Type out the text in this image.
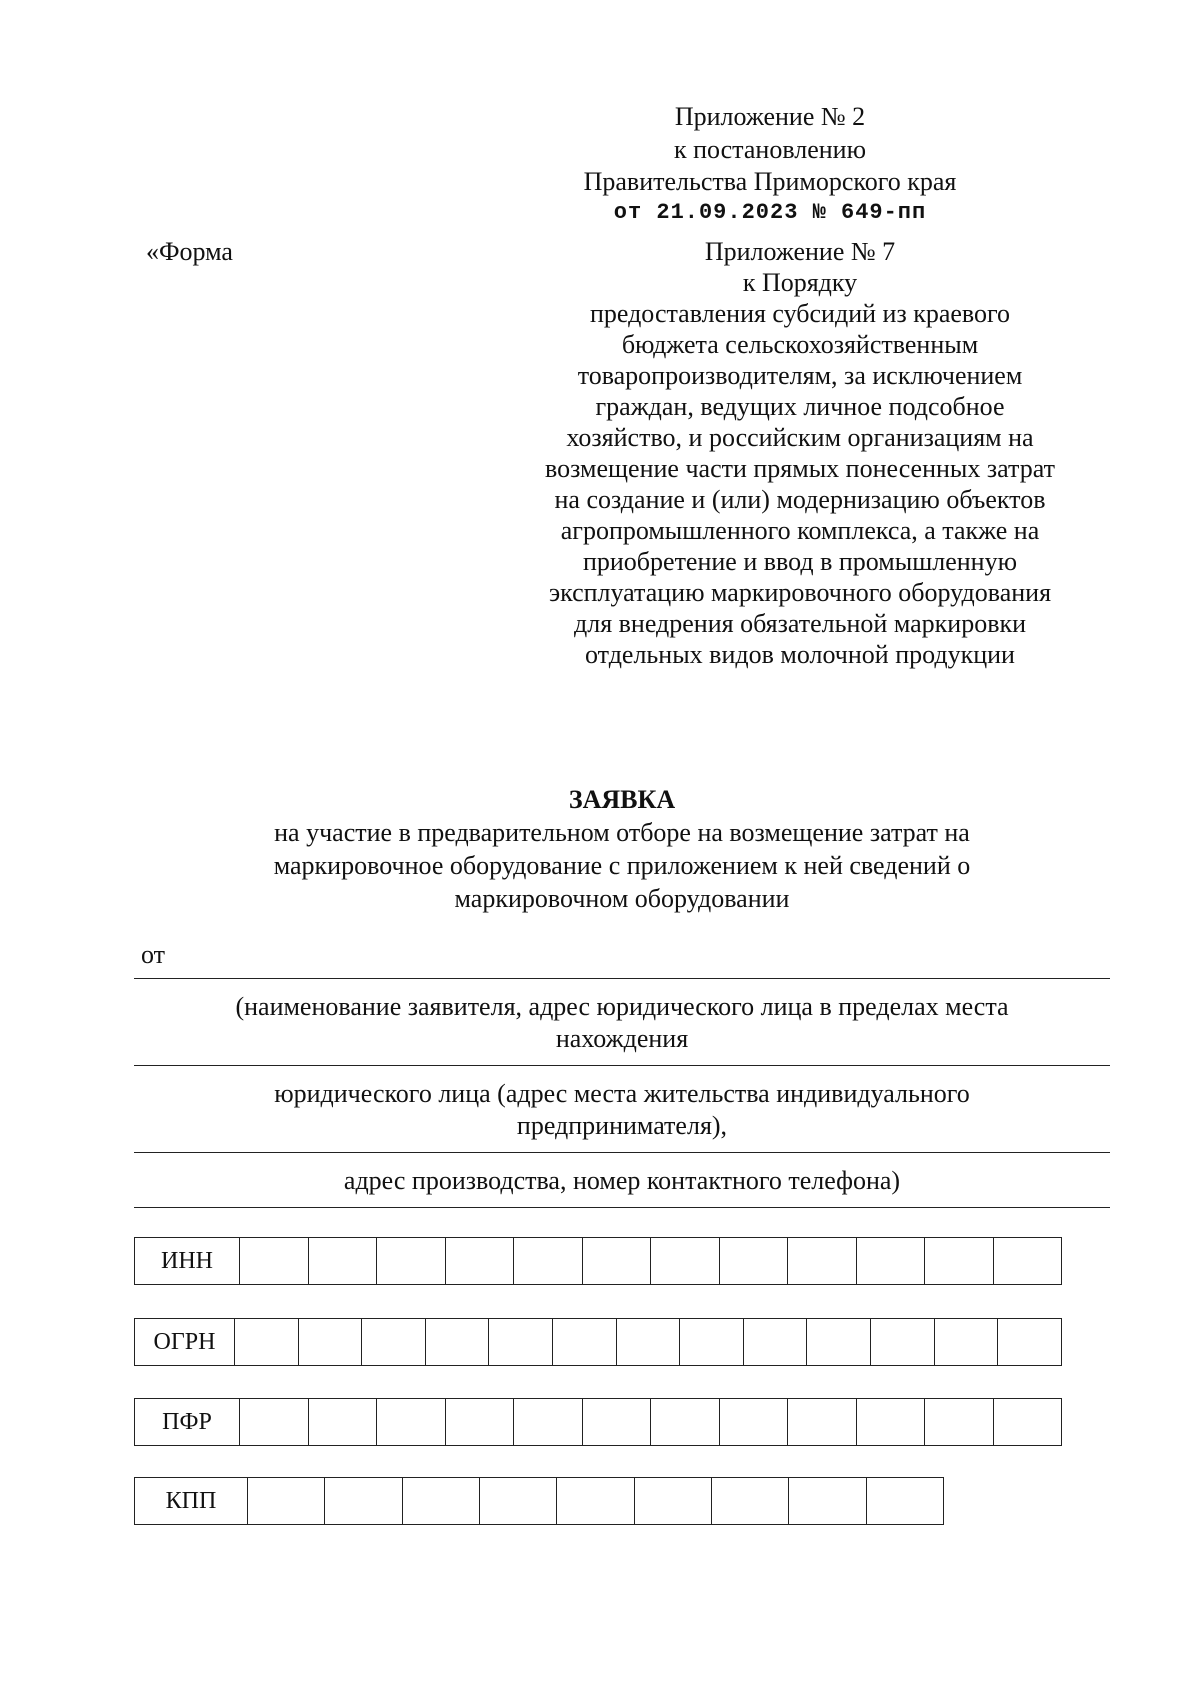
Приложение № 2
к постановлению
Правительства Приморского края
от 21.09.2023 № 649-пп
«Форма	Приложение № 7
к Порядку
предоставления субсидий из краевого
бюджета сельскохозяйственным
товаропроизводителям, за исключением
граждан, ведущих личное подсобное
хозяйство, и российским организациям на
возмещение части прямых понесенных затрат
на создание и (или) модернизацию объектов
агропромышленного комплекса, а также на
приобретение и ввод в промышленную
эксплуатацию маркировочного оборудования
для внедрения обязательной маркировки
отдельных видов молочной продукции
ЗАЯВКА
на участие в предварительном отборе на возмещение затрат на
маркировочное оборудование с приложением к ней сведений о
маркировочном оборудовании
от
(наименование заявителя, адрес юридического лица в пределах места
нахождения
юридического лица (адрес места жительства индивидуального
предпринимателя),
адрес производства, номер контактного телефона)
ИНН
ОГРН
ПФР
КПП
